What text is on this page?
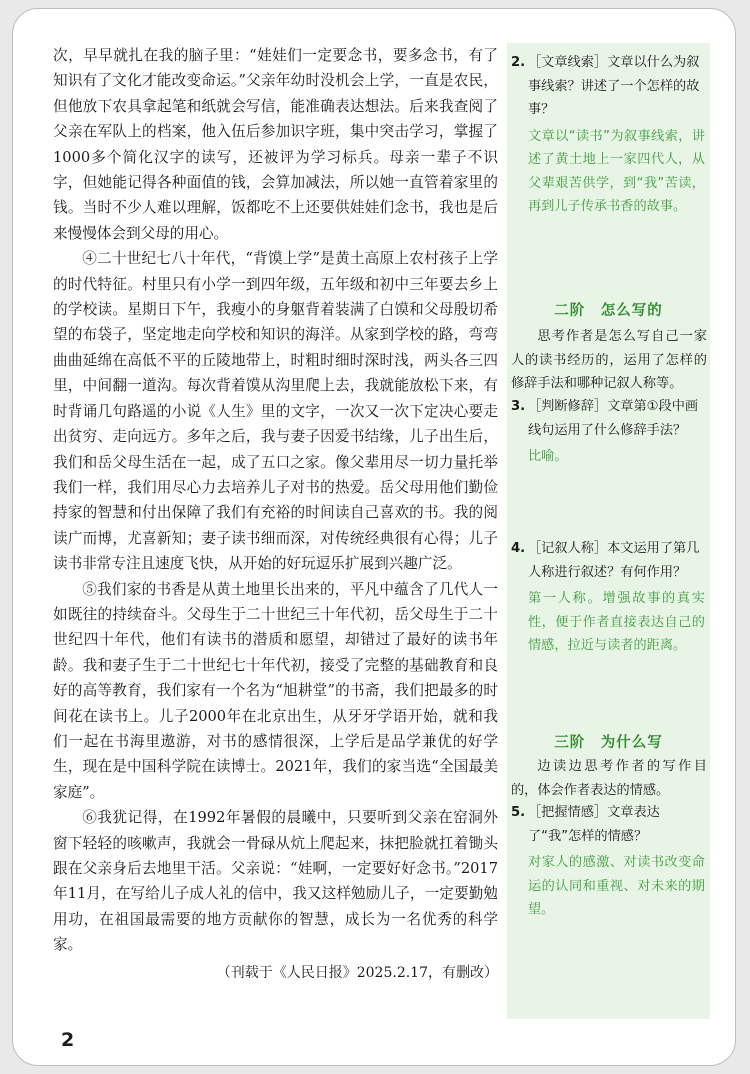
次，早早就扎在我的脑子里：“娃娃们一定要念书，要多念书，有了知识有了文化才能改变命运。”父亲年幼时没机会上学，一直是农民，但他放下农具拿起笔和纸就会写信，能准确表达想法。后来我查阅了父亲在军队上的档案，他入伍后参加识字班，集中突击学习，掌握了1000多个简化汉字的读写，还被评为学习标兵。母亲一辈子不识字，但她能记得各种面值的钱，会算加减法，所以她一直管着家里的钱。当时不少人难以理解，饭都吃不上还要供娃娃们念书，我也是后来慢慢体会到父母的用心。

④二十世纪七八十年代，“背馍上学”是黄土高原上农村孩子上学的时代特征。村里只有小学一到四年级，五年级和初中三年要去乡上的学校读。星期日下午，我瘦小的身躯背着装满了白馍和父母殷切希望的布袋子，坚定地走向学校和知识的海洋。从家到学校的路，弯弯曲曲延绵在高低不平的丘陵地带上，时粗时细时深时浅，两头各三四里，中间翻一道沟。每次背着馍从沟里爬上去，我就能放松下来，有时背诵几句路遥的小说《人生》里的文字，一次又一次下定决心要走出贫穷、走向远方。多年之后，我与妻子因爱书结缘，儿子出生后，我们和岳父母生活在一起，成了五口之家。像父辈用尽一切力量托举我们一样，我们用尽心力去培养儿子对书的热爱。岳父母用他们勤俭持家的智慧和付出保障了我们有充裕的时间读自己喜欢的书。我的阅读广而博，尤喜新知；妻子读书细而深，对传统经典很有心得；儿子读书非常专注且速度飞快，从开始的好玩逗乐扩展到兴趣广泛。

⑤我们家的书香是从黄土地里长出来的，平凡中蕴含了几代人一如既往的持续奋斗。父母生于二十世纪三十年代初，岳父母生于二十世纪四十年代，他们有读书的潜质和愿望，却错过了最好的读书年龄。我和妻子生于二十世纪七十年代初，接受了完整的基础教育和良好的高等教育，我们家有一个名为“旭耕堂”的书斋，我们把最多的时间花在读书上。儿子2000年在北京出生，从牙牙学语开始，就和我们一起在书海里遨游，对书的感情很深，上学后是品学兼优的好学生，现在是中国科学院在读博士。2021年，我们的家当选“全国最美家庭”。

⑥我犹记得，在1992年暑假的晨曦中，只要听到父亲在窑洞外窗下轻轻的咳嗽声，我就会一骨碌从炕上爬起来，抹把脸就扛着锄头跟在父亲身后去地里干活。父亲说：“娃啊，一定要好好念书。”2017年11月，在写给儿子成人礼的信中，我又这样勉励儿子，一定要勤勉用功，在祖国最需要的地方贡献你的智慧，成长为一名优秀的科学家。

（刊载于《人民日报》2025.2.17，有删改）

2. ［文章线索］文章以什么为叙事线索？讲述了一个怎样的故事？
文章以“读书”为叙事线索，讲述了黄土地上一家四代人，从父辈艰苦供学，到“我”苦读，再到儿子传承书香的故事。
二阶　怎么写的
思考作者是怎么写自己一家人的读书经历的，运用了怎样的修辞手法和哪种记叙人称等。
3. ［判断修辞］文章第①段中画线句运用了什么修辞手法？
比喻。
4. ［记叙人称］本文运用了第几人称进行叙述？有何作用？
第一人称。增强故事的真实性，便于作者直接表达自己的情感，拉近与读者的距离。
三阶　为什么写
边读边思考作者的写作目的，体会作者表达的情感。
5. ［把握情感］文章表达了“我”怎样的情感？
对家人的感激、对读书改变命运的认同和重视、对未来的期望。
2
